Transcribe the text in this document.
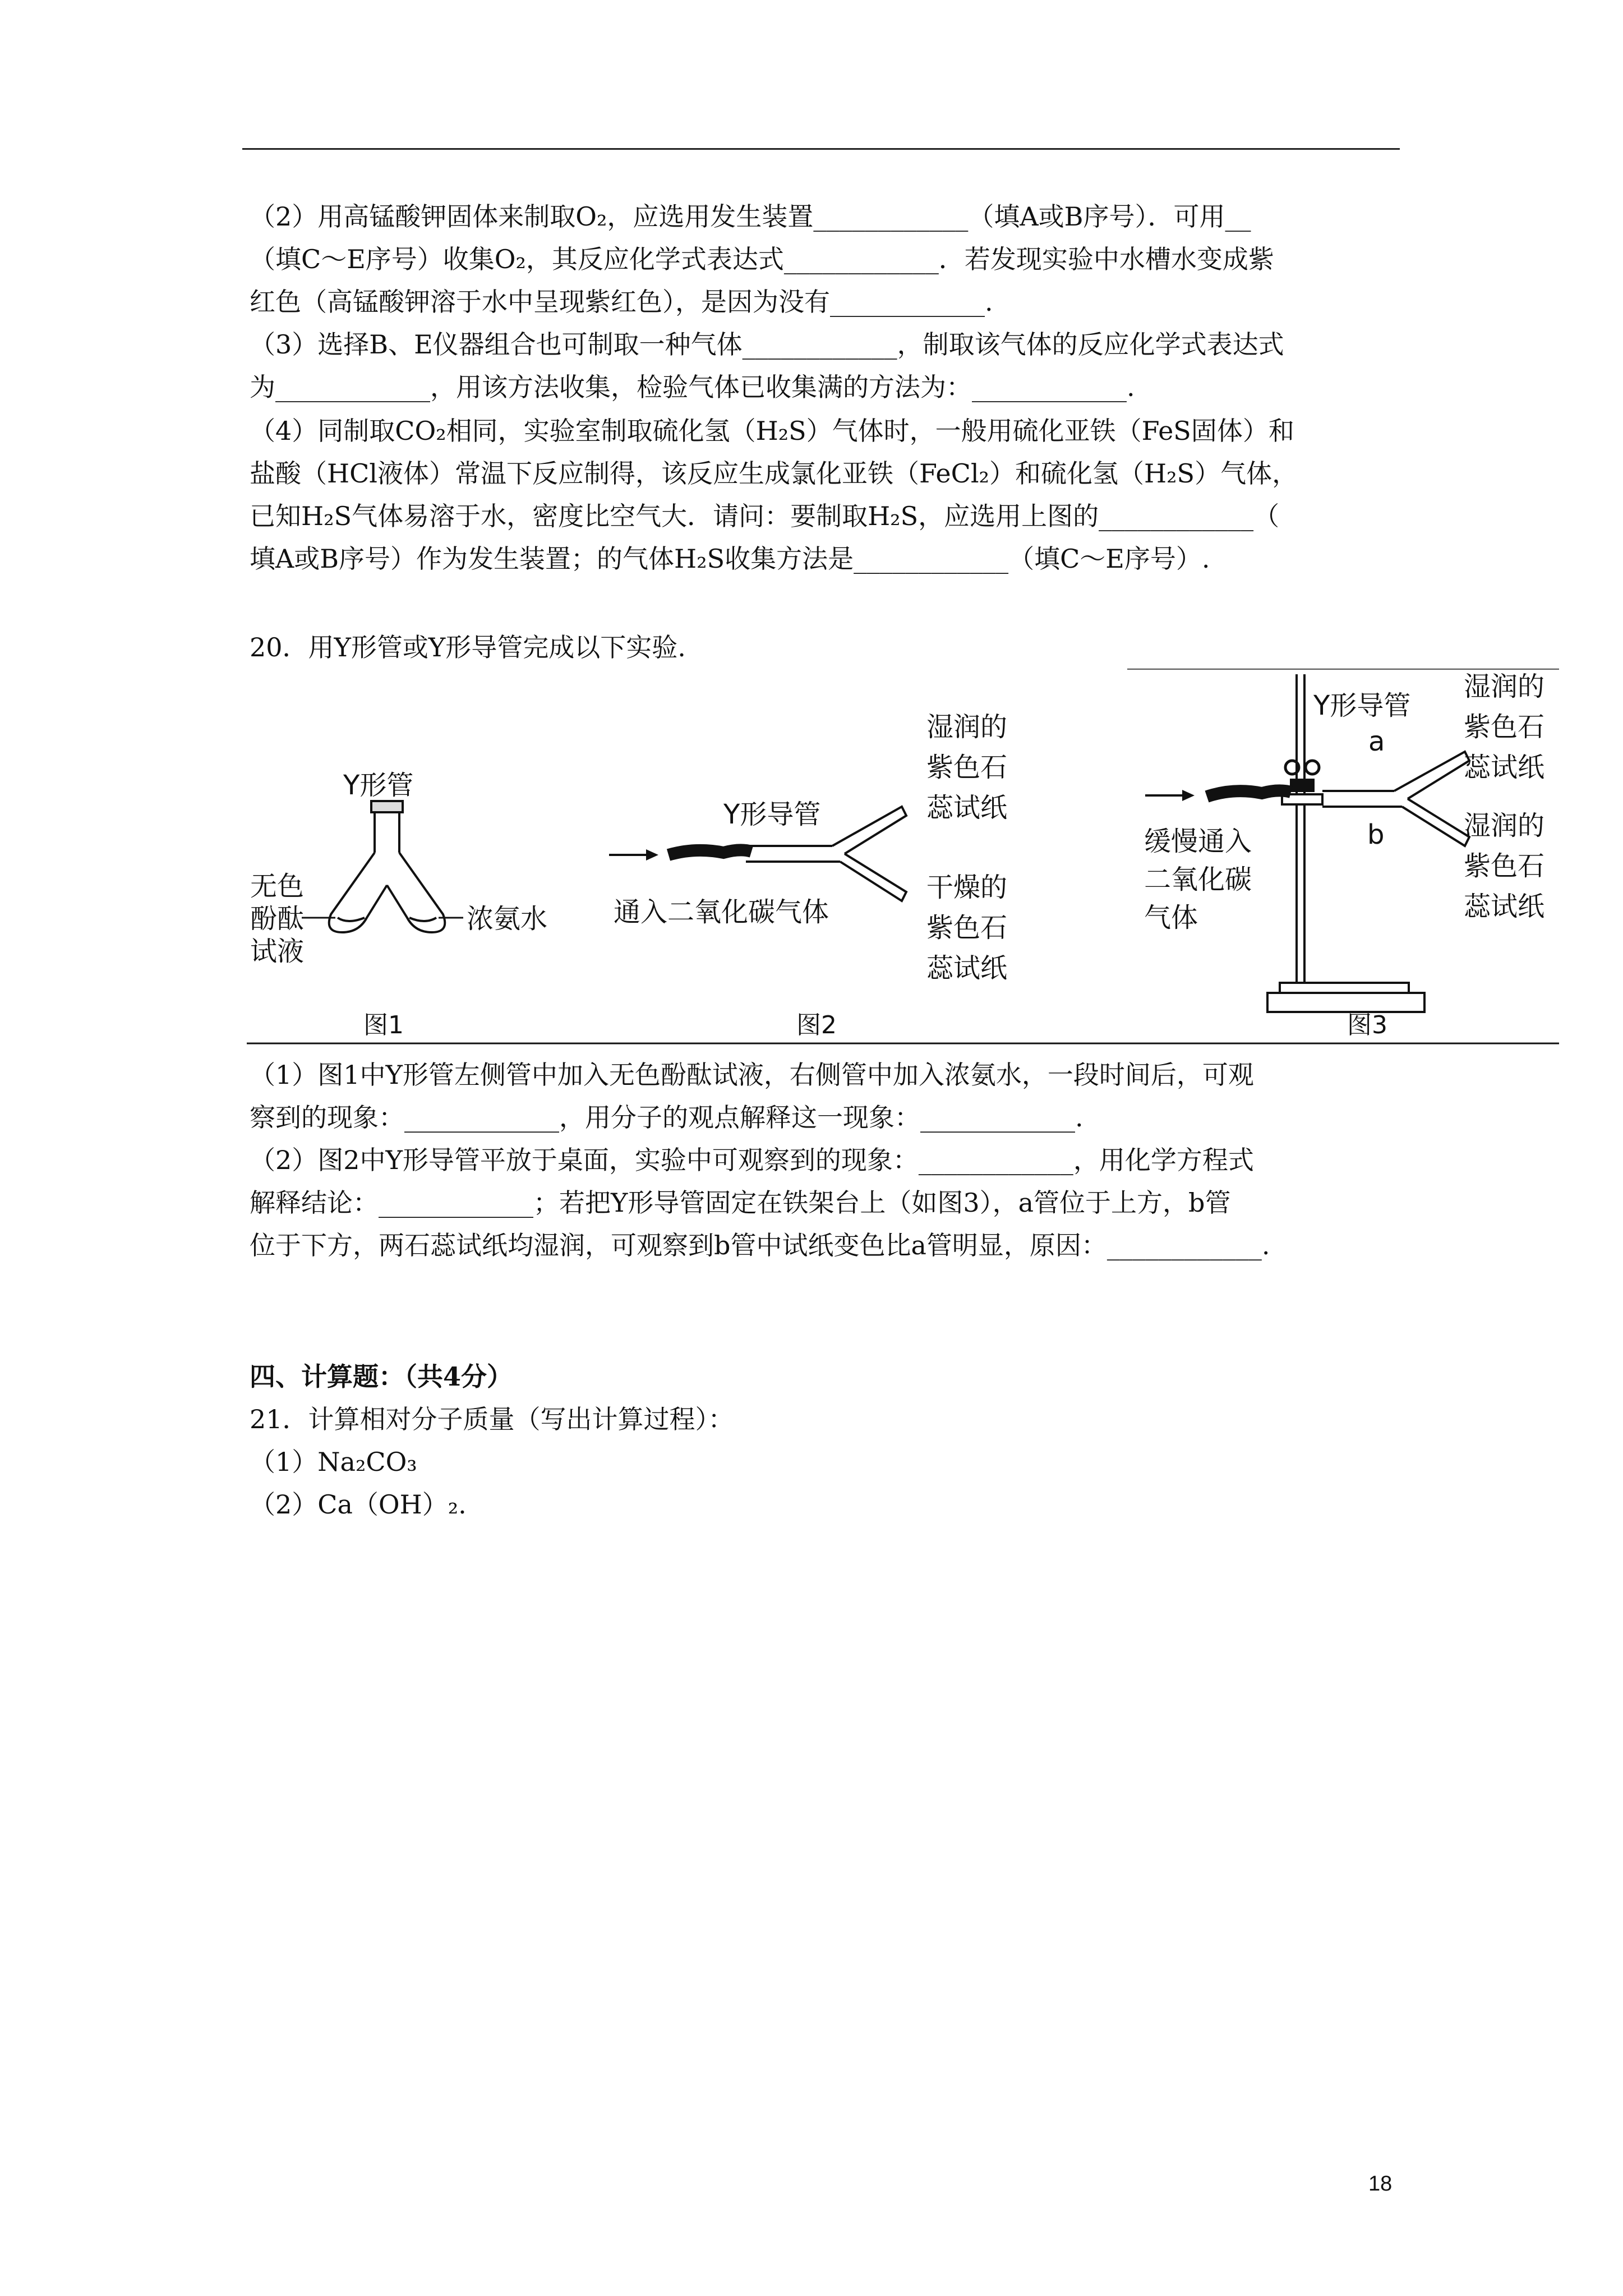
（2）用高锰酸钾固体来制取O₂，应选用发生装置____________（填A或B序号）．可用__
（填C～E序号）收集O₂，其反应化学式表达式____________．若发现实验中水槽水变成紫
红色（高锰酸钾溶于水中呈现紫红色），是因为没有____________.
（3）选择B、E仪器组合也可制取一种气体____________，制取该气体的反应化学式表达式
为____________，用该方法收集，检验气体已收集满的方法为：____________.
（4）同制取CO₂相同，实验室制取硫化氢（H₂S）气体时，一般用硫化亚铁（FeS固体）和
盐酸（HCl液体）常温下反应制得，该反应生成氯化亚铁（FeCl₂）和硫化氢（H₂S）气体，
已知H₂S气体易溶于水，密度比空气大．请问：要制取H₂S，应选用上图的____________（
填A或B序号）作为发生装置；的气体H₂S收集方法是____________（填C～E序号）.
20．用Y形管或Y形导管完成以下实验.
Y形管
无色
酚酞
试液
浓氨水
图1
Y形导管
通入二氧化碳气体
湿润的
紫色石
蕊试纸
干燥的
紫色石
蕊试纸
图2
Y形导管
a
b
缓慢通入
二氧化碳
气体
湿润的
紫色石
蕊试纸
湿润的
紫色石
蕊试纸
图3
（1）图1中Y形管左侧管中加入无色酚酞试液，右侧管中加入浓氨水，一段时间后，可观
察到的现象：____________，用分子的观点解释这一现象：____________.
（2）图2中Y形导管平放于桌面，实验中可观察到的现象：____________，用化学方程式
解释结论：____________；若把Y形导管固定在铁架台上（如图3），a管位于上方，b管
位于下方，两石蕊试纸均湿润，可观察到b管中试纸变色比a管明显，原因：____________.
四、计算题：（共4分）
21．计算相对分子质量（写出计算过程）：
（1）Na₂CO₃
（2）Ca（OH）₂.
18
